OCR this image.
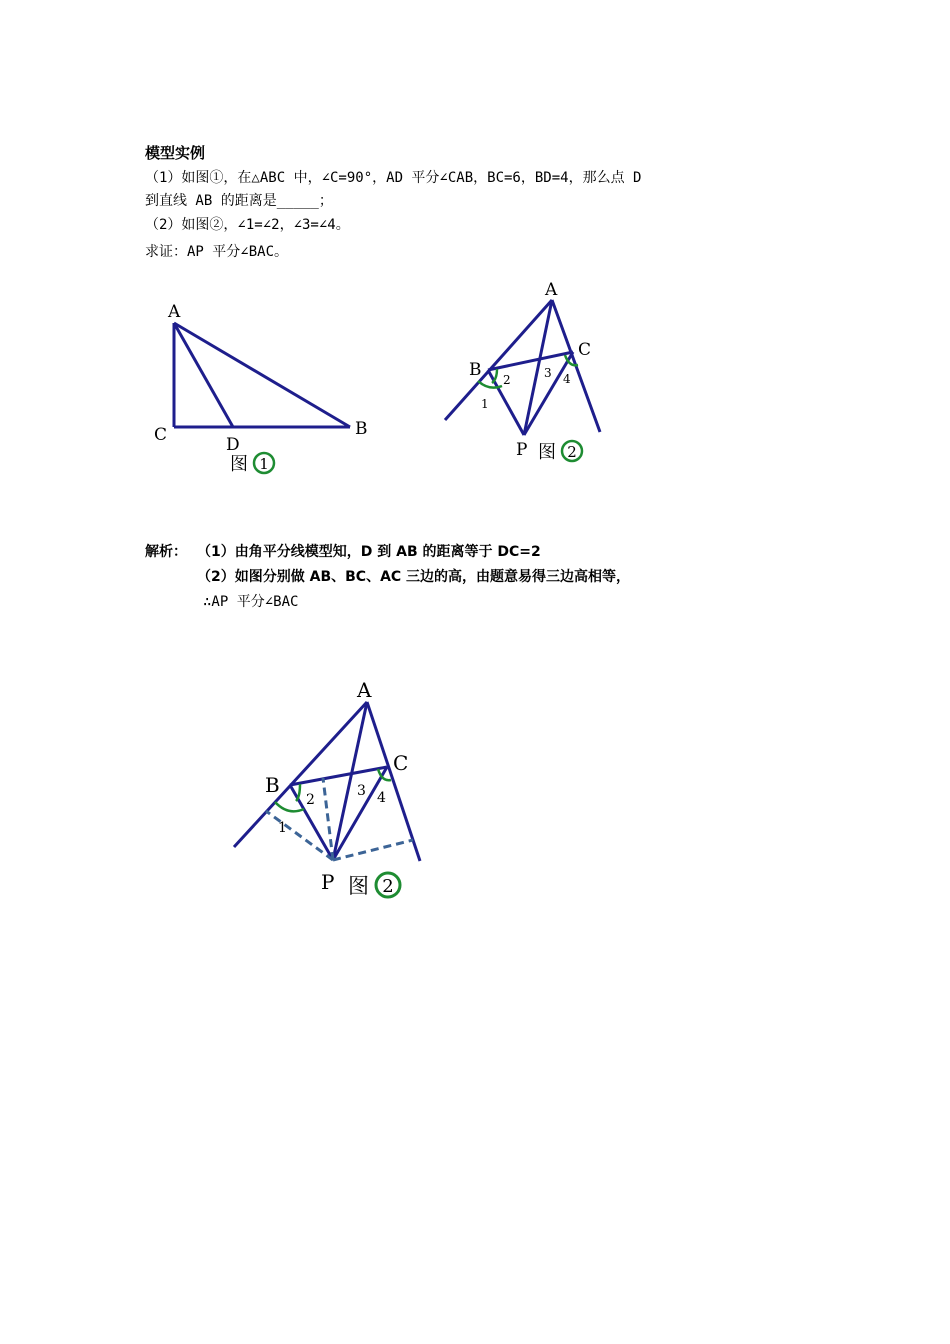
模型实例
（1）如图①，在△ABC 中，∠C=90°，AD 平分∠CAB，BC=6，BD=4，那么点 D
到直线 AB 的距离是_____；
（2）如图②，∠1=∠2，∠3=∠4。
求证：AP 平分∠BAC。
A
C	D
B
图 1
A
B
C
P
1
2	3 4
图 2
解析： （1）由角平分线模型知，D 到 AB 的距离等于 DC=2
（2）如图分别做 AB、BC、AC 三边的高，由题意易得三边高相等，
∴AP 平分∠BAC
A
B
C
P
1
2
3 4
图 2
